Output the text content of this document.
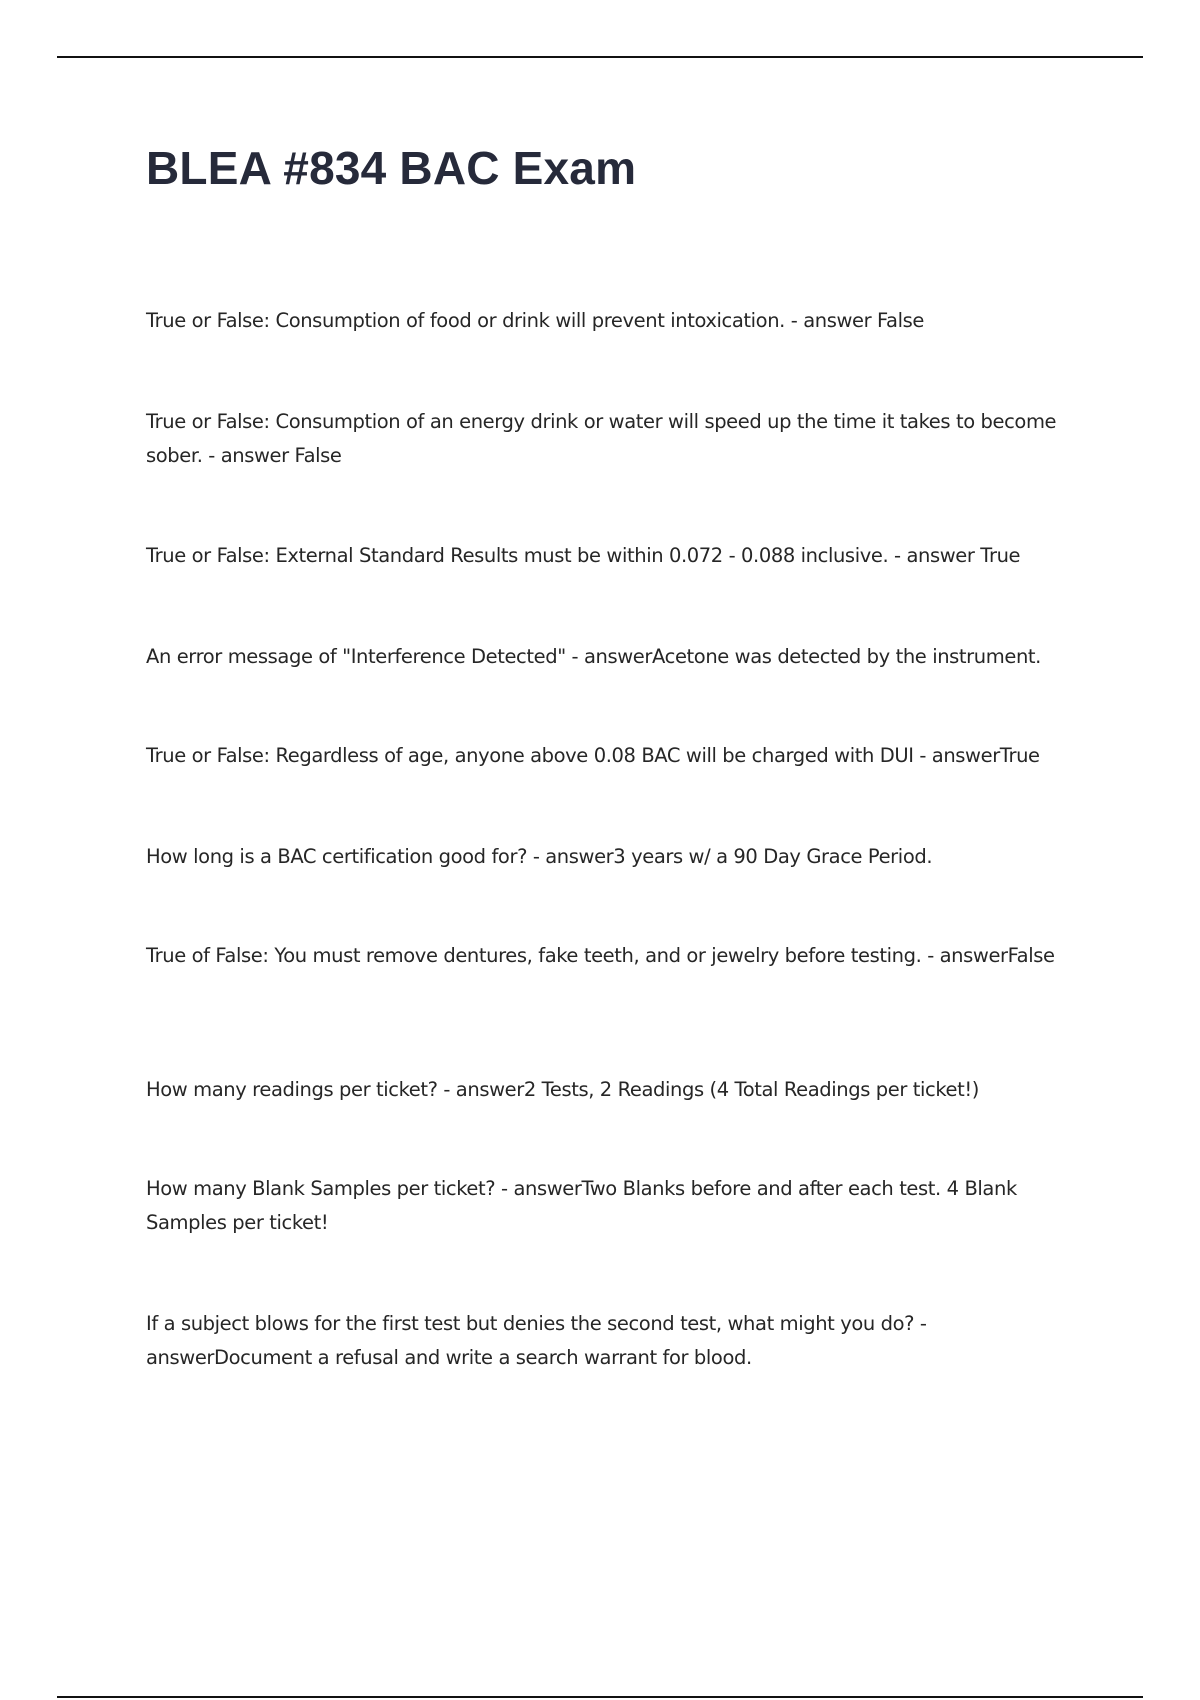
BLEA #834 BAC Exam

True or False: Consumption of food or drink will prevent intoxication. - answer False

True or False: Consumption of an energy drink or water will speed up the time it takes to become sober. - answer False

True or False: External Standard Results must be within 0.072 - 0.088 inclusive. - answer True

An error message of "Interference Detected" - answerAcetone was detected by the instrument.

True or False: Regardless of age, anyone above 0.08 BAC will be charged with DUI - answerTrue

How long is a BAC certification good for? - answer3 years w/ a 90 Day Grace Period.

True of False: You must remove dentures, fake teeth, and or jewelry before testing. - answerFalse

How many readings per ticket? - answer2 Tests, 2 Readings (4 Total Readings per ticket!)

How many Blank Samples per ticket? - answerTwo Blanks before and after each test. 4 Blank Samples per ticket!

If a subject blows for the first test but denies the second test, what might you do? - answerDocument a refusal and write a search warrant for blood.
